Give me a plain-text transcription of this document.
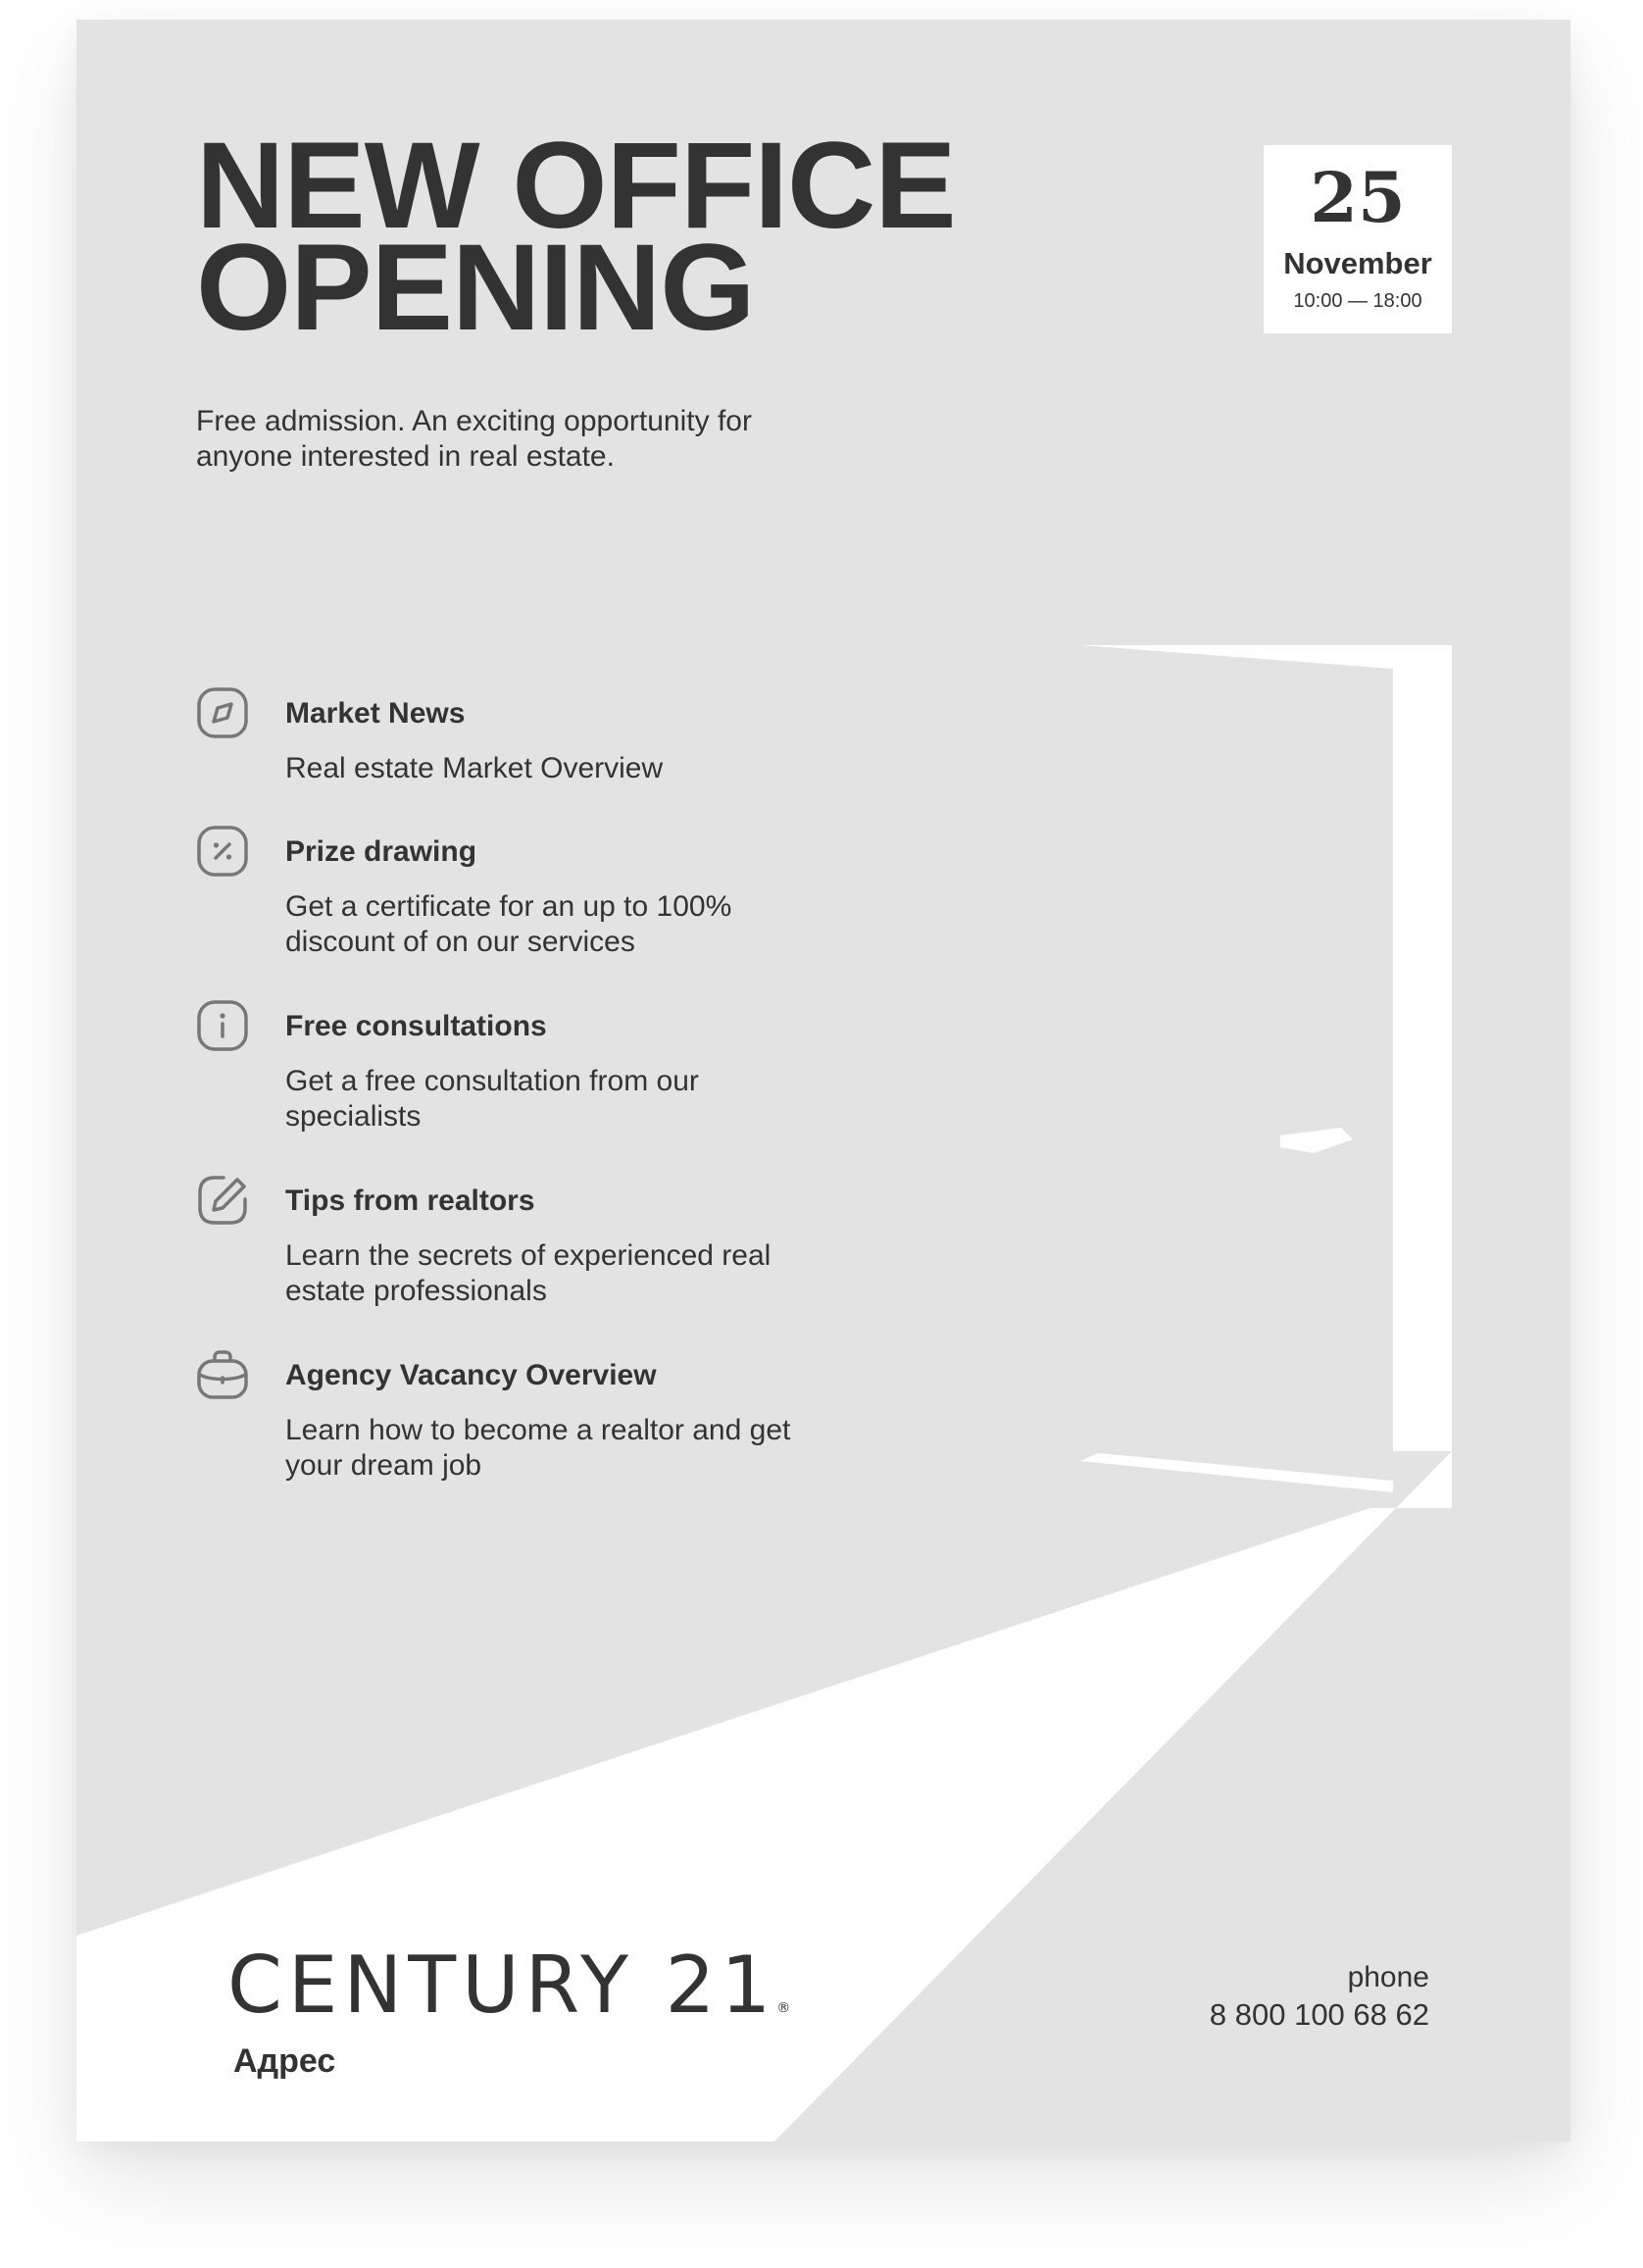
NEW OFFICE
OPENING

Free admission. An exciting opportunity for anyone interested in real estate.

25
November
10:00 — 18:00
Market News
Real estate Market Overview
Prize drawing
Get a certificate for an up to 100% discount of on our services
Free consultations
Get a free consultation from our specialists
Tips from realtors
Learn the secrets of experienced real estate professionals
Agency Vacancy Overview
Learn how to become a realtor and get your dream job
CENTURY 21®
Адрес
phone
8 800 100 68 62
